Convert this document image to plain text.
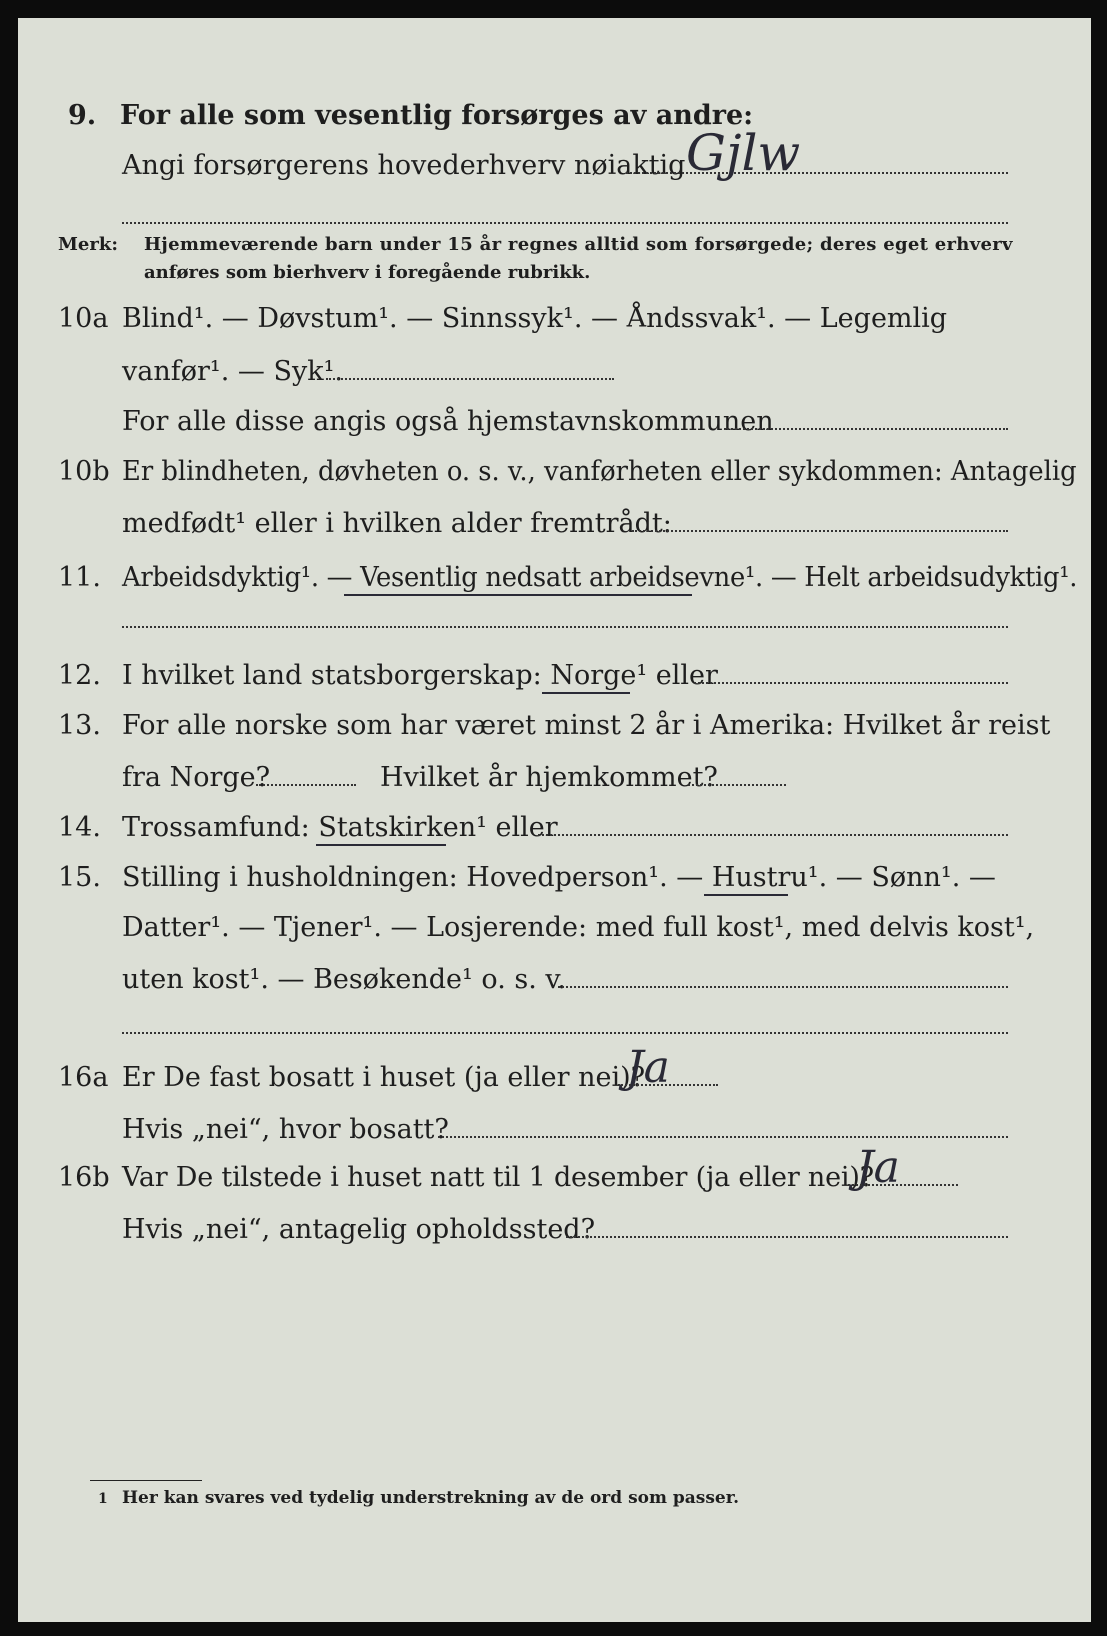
9. For alle som vesentlig forsørges av andre:
Angi forsørgerens hovederhverv nøiaktig Gjlw
Merk: Hjemmeværende barn under 15 år regnes alltid som forsørgede; deres eget erhverv
anføres som bierhverv i foregående rubrikk.
10a Blind¹. — Døvstum¹. — Sinnssyk¹. — Åndssvak¹. — Legemlig
vanfør¹. — Syk¹.
For alle disse angis også hjemstavnskommunen
10b Er blindheten, døvheten o. s. v., vanførheten eller sykdommen: Antagelig
medfødt¹ eller i hvilken alder fremtrådt:
11. Arbeidsdyktig¹. — Vesentlig nedsatt arbeidsevne¹. — Helt arbeidsudyktig¹.
12. I hvilket land statsborgerskap: Norge¹ eller
13. For alle norske som har været minst 2 år i Amerika: Hvilket år reist
fra Norge?	Hvilket år hjemkommet?
14. Trossamfund: Statskirken¹ eller
15. Stilling i husholdningen: Hovedperson¹. — Hustru¹. — Sønn¹. —
Datter¹. — Tjener¹. — Losjerende: med full kost¹, med delvis kost¹,
uten kost¹. — Besøkende¹ o. s. v.
16a Er De fast bosatt i huset (ja eller nei)?
Ja
Hvis „nei“, hvor bosatt?
16b Var De tilstede i huset natt til 1 desember (ja eller nei)?
Ja
Hvis „nei“, antagelig opholdssted?
1 Her kan svares ved tydelig understrekning av de ord som passer.
